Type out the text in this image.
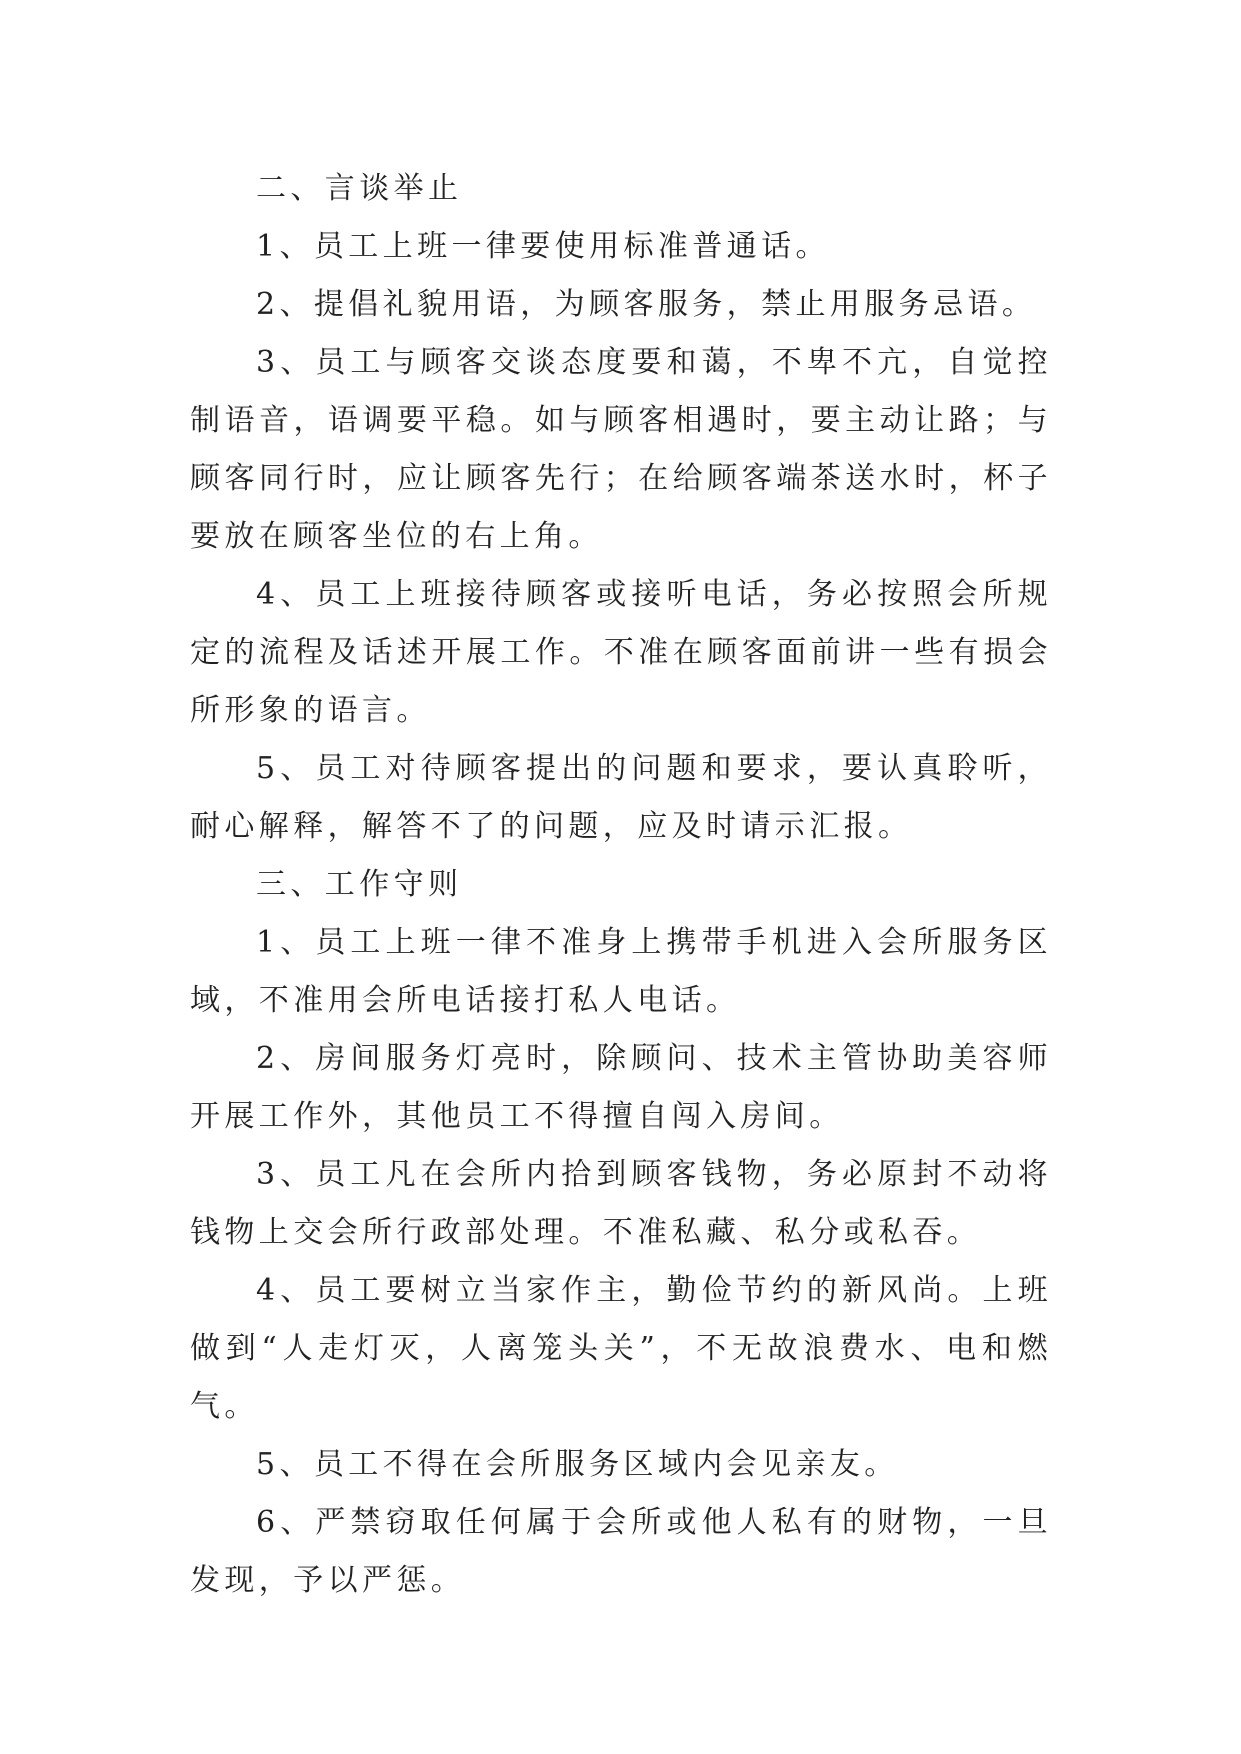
二、言谈举止

1、员工上班一律要使用标准普通话。

2、提倡礼貌用语，为顾客服务，禁止用服务忌语。

3、员工与顾客交谈态度要和蔼，不卑不亢，自觉控制语音，语调要平稳。如与顾客相遇时，要主动让路；与顾客同行时，应让顾客先行；在给顾客端茶送水时，杯子要放在顾客坐位的右上角。

4、员工上班接待顾客或接听电话，务必按照会所规定的流程及话述开展工作。不准在顾客面前讲一些有损会所形象的语言。

5、员工对待顾客提出的问题和要求，要认真聆听，耐心解释，解答不了的问题，应及时请示汇报。

三、工作守则

1、员工上班一律不准身上携带手机进入会所服务区域，不准用会所电话接打私人电话。

2、房间服务灯亮时，除顾问、技术主管协助美容师开展工作外，其他员工不得擅自闯入房间。

3、员工凡在会所内拾到顾客钱物，务必原封不动将钱物上交会所行政部处理。不准私藏、私分或私吞。

4、员工要树立当家作主，勤俭节约的新风尚。上班做到“人走灯灭，人离笼头关”，不无故浪费水、电和燃气。

5、员工不得在会所服务区域内会见亲友。

6、严禁窃取任何属于会所或他人私有的财物，一旦发现，予以严惩。
